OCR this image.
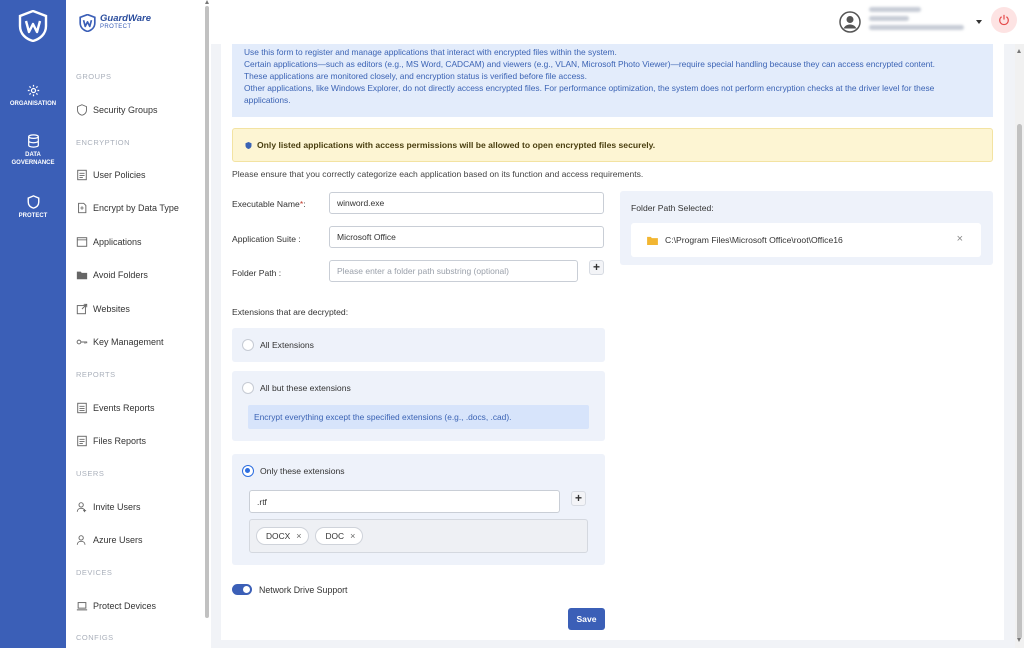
ORGANISATION
DATA
GOVERNANCE
PROTECT
GuardWare
PROTECT
GROUPS
Security Groups
ENCRYPTION
User Policies
Encrypt by Data Type
Applications
Avoid Folders
Websites
Key Management
REPORTS
Events Reports
Files Reports
USERS
Invite Users
Azure Users
DEVICES
Protect Devices
CONFIGS
Use this form to register and manage applications that interact with encrypted files within the system.
Certain applications—such as editors (e.g., MS Word, CADCAM) and viewers (e.g., VLAN, Microsoft Photo Viewer)—require special handling because they can access encrypted content.
These applications are monitored closely, and encryption status is verified before file access.
Other applications, like Windows Explorer, do not directly access encrypted files. For performance optimization, the system does not perform encryption checks at the driver level for these
applications.
Only listed applications with access permissions will be allowed to open encrypted files securely.
Please ensure that you correctly categorize each application based on its function and access requirements.
Executable Name*:	winword.exe
Application Suite :	Microsoft Office
Folder Path :	Please enter a folder path substring (optional)	+
Extensions that are decrypted:
All Extensions
All but these extensions
Encrypt everything except the specified extensions (e.g., .docs, .cad).
Only these extensions
.rtf	+
DOCX ×	DOC ×
Network Drive Support
Save
Folder Path Selected:
C:\Program Files\Microsoft Office\root\Office16	×
